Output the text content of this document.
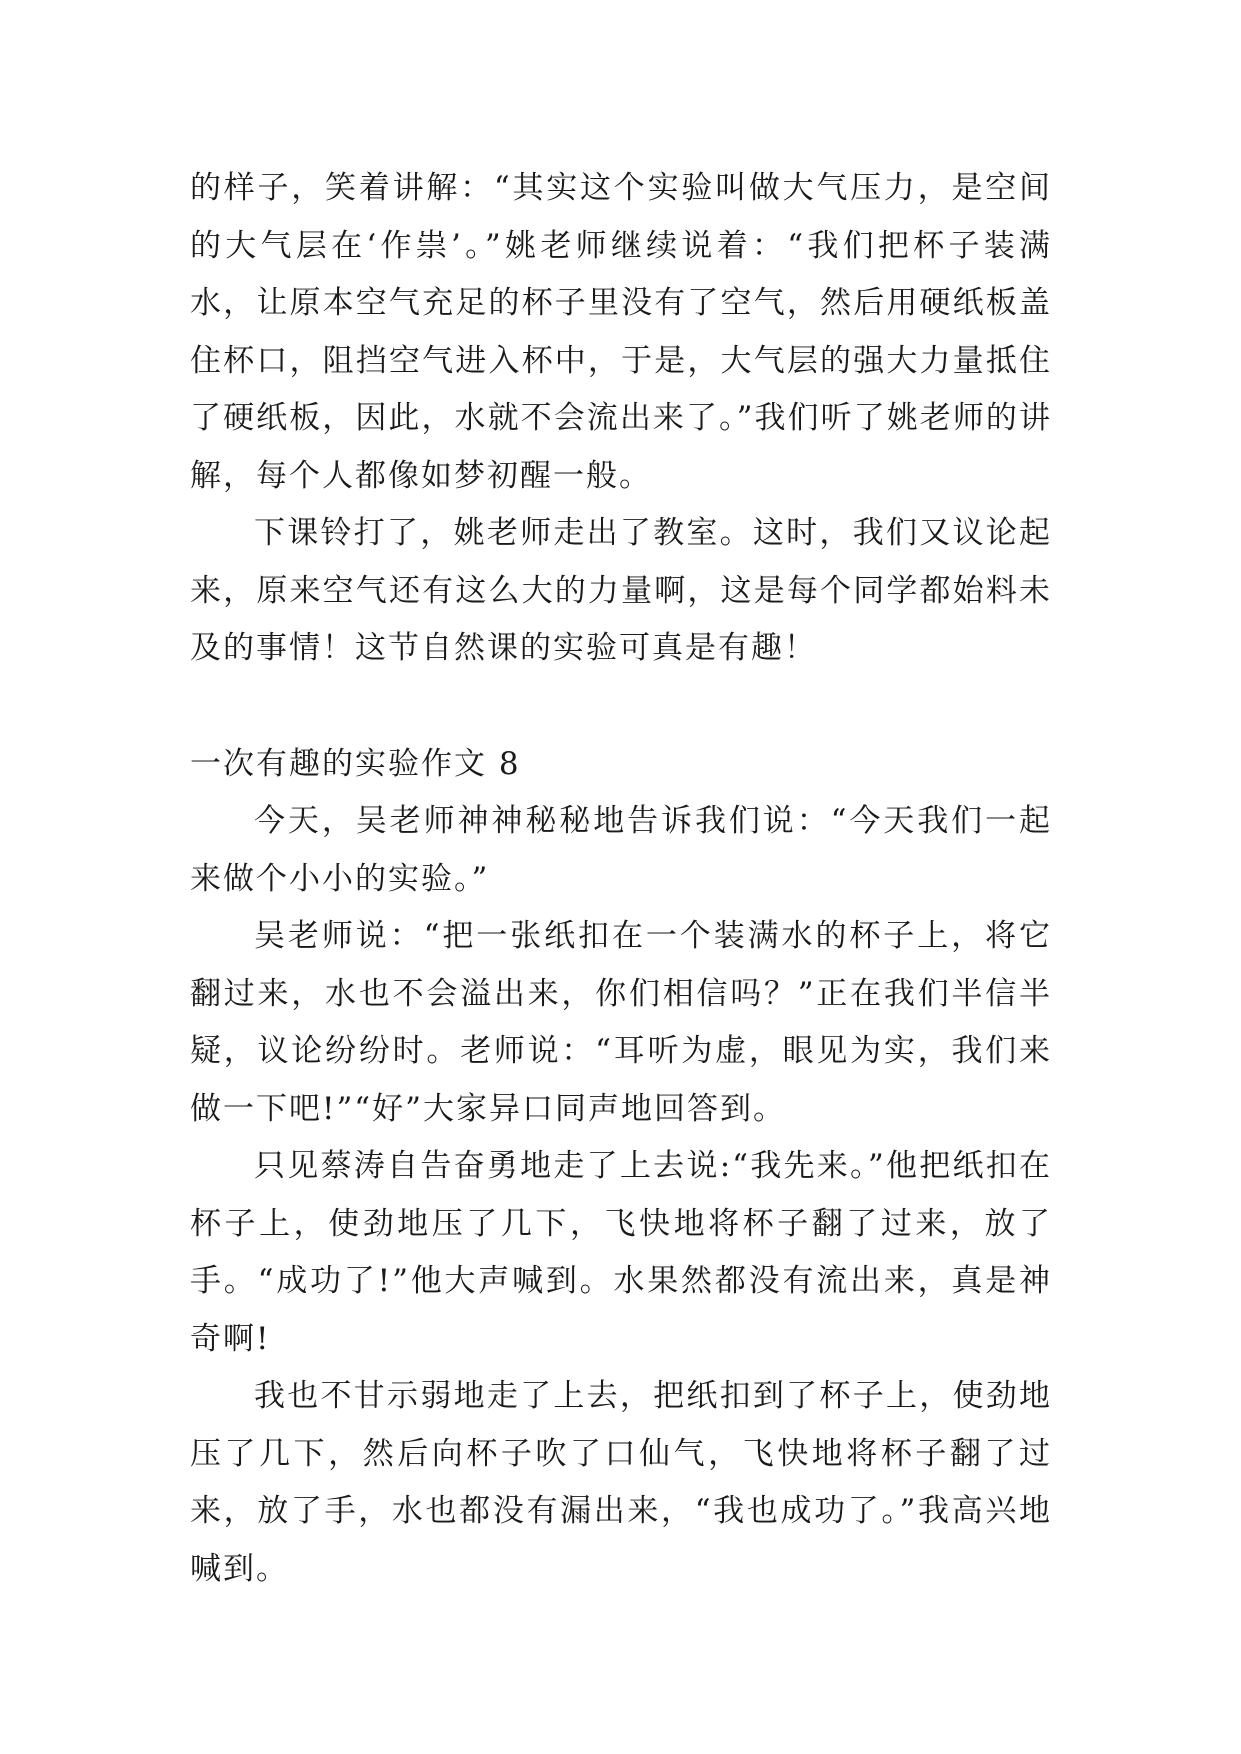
的样子，笑着讲解：“其实这个实验叫做大气压力，是空间的大气层在‘作祟’。”姚老师继续说着：“我们把杯子装满水，让原本空气充足的杯子里没有了空气，然后用硬纸板盖住杯口，阻挡空气进入杯中，于是，大气层的强大力量抵住了硬纸板，因此，水就不会流出来了。”我们听了姚老师的讲解，每个人都像如梦初醒一般。

下课铃打了，姚老师走出了教室。这时，我们又议论起来，原来空气还有这么大的力量啊，这是每个同学都始料未及的事情！这节自然课的实验可真是有趣！

一次有趣的实验作文 8

今天，吴老师神神秘秘地告诉我们说：“今天我们一起来做个小小的实验。”

吴老师说：“把一张纸扣在一个装满水的杯子上，将它翻过来，水也不会溢出来，你们相信吗？”正在我们半信半疑，议论纷纷时。老师说：“耳听为虚，眼见为实，我们来做一下吧!”“好”大家异口同声地回答到。

只见蔡涛自告奋勇地走了上去说:“我先来。”他把纸扣在杯子上，使劲地压了几下，飞快地将杯子翻了过来，放了手。“成功了!”他大声喊到。水果然都没有流出来，真是神奇啊!

我也不甘示弱地走了上去，把纸扣到了杯子上，使劲地压了几下，然后向杯子吹了口仙气，飞快地将杯子翻了过来，放了手，水也都没有漏出来，“我也成功了。”我高兴地喊到。
